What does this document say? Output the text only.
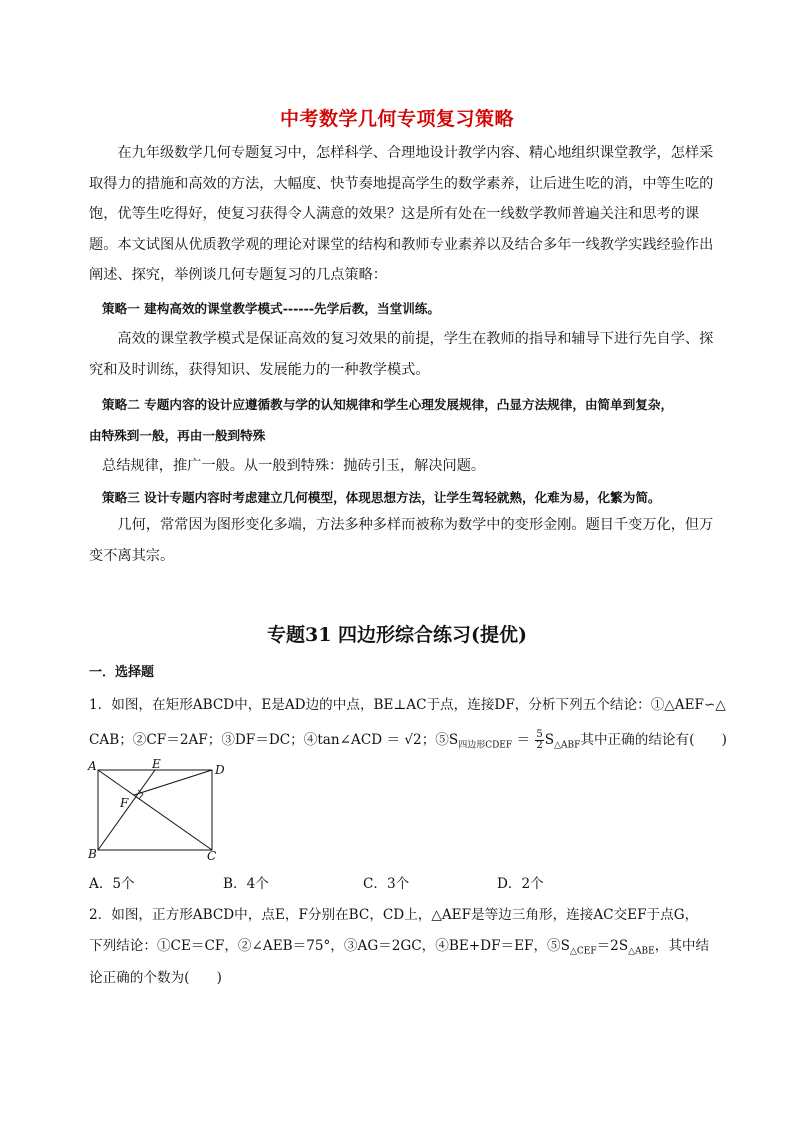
中考数学几何专项复习策略

在九年级数学几何专题复习中，怎样科学、合理地设计教学内容、精心地组织课堂教学，怎样采取得力的措施和高效的方法，大幅度、快节奏地提高学生的数学素养，让后进生吃的消，中等生吃的饱，优等生吃得好，使复习获得令人满意的效果？这是所有处在一线数学教师普遍关注和思考的课题。本文试图从优质教学观的理论对课堂的结构和教师专业素养以及结合多年一线教学实践经验作出阐述、探究，举例谈几何专题复习的几点策略：

策略一 建构高效的课堂教学模式------先学后教，当堂训练。

高效的课堂教学模式是保证高效的复习效果的前提，学生在教师的指导和辅导下进行先自学、探究和及时训练，获得知识、发展能力的一种教学模式。

策略二 专题内容的设计应遵循教与学的认知规律和学生心理发展规律，凸显方法规律，由简单到复杂，
由特殊到一般，再由一般到特殊
总结规律，推广一般。从一般到特殊：抛砖引玉，解决问题。
策略三 设计专题内容时考虑建立几何模型，体现思想方法，让学生驾轻就熟，化难为易，化繁为简。

几何，常常因为图形变化多端，方法多种多样而被称为数学中的变形金刚。题目千变万化，但万变不离其宗。

专题31 四边形综合练习(提优)
一．选择题
1．如图，在矩形ABCD中，E是AD边的中点，BE⊥AC于点，连接DF，分析下列五个结论：①△AEF∽△
CAB；②CF＝2AF；③DF＝DC；④tan∠ACD ＝ √2；$⑤S_{四边形CDEF} = \frac{5}{2} S_{\triangle ABF}$其中正确的结论有(　　)
A	E	D
F
B	C
A．5个	B．4个	C．3个	D．2个
2．如图，正方形ABCD中，点E，F分别在BC，CD上，△AEF是等边三角形，连接AC交EF于点G，
下列结论：①CE＝CF，②∠AEB＝75°，③AG＝2GC，④BE+DF＝EF，$⑤S_{\triangle CEF}=2S_{\triangle ABE}$，其中结
论正确的个数为(　　)
